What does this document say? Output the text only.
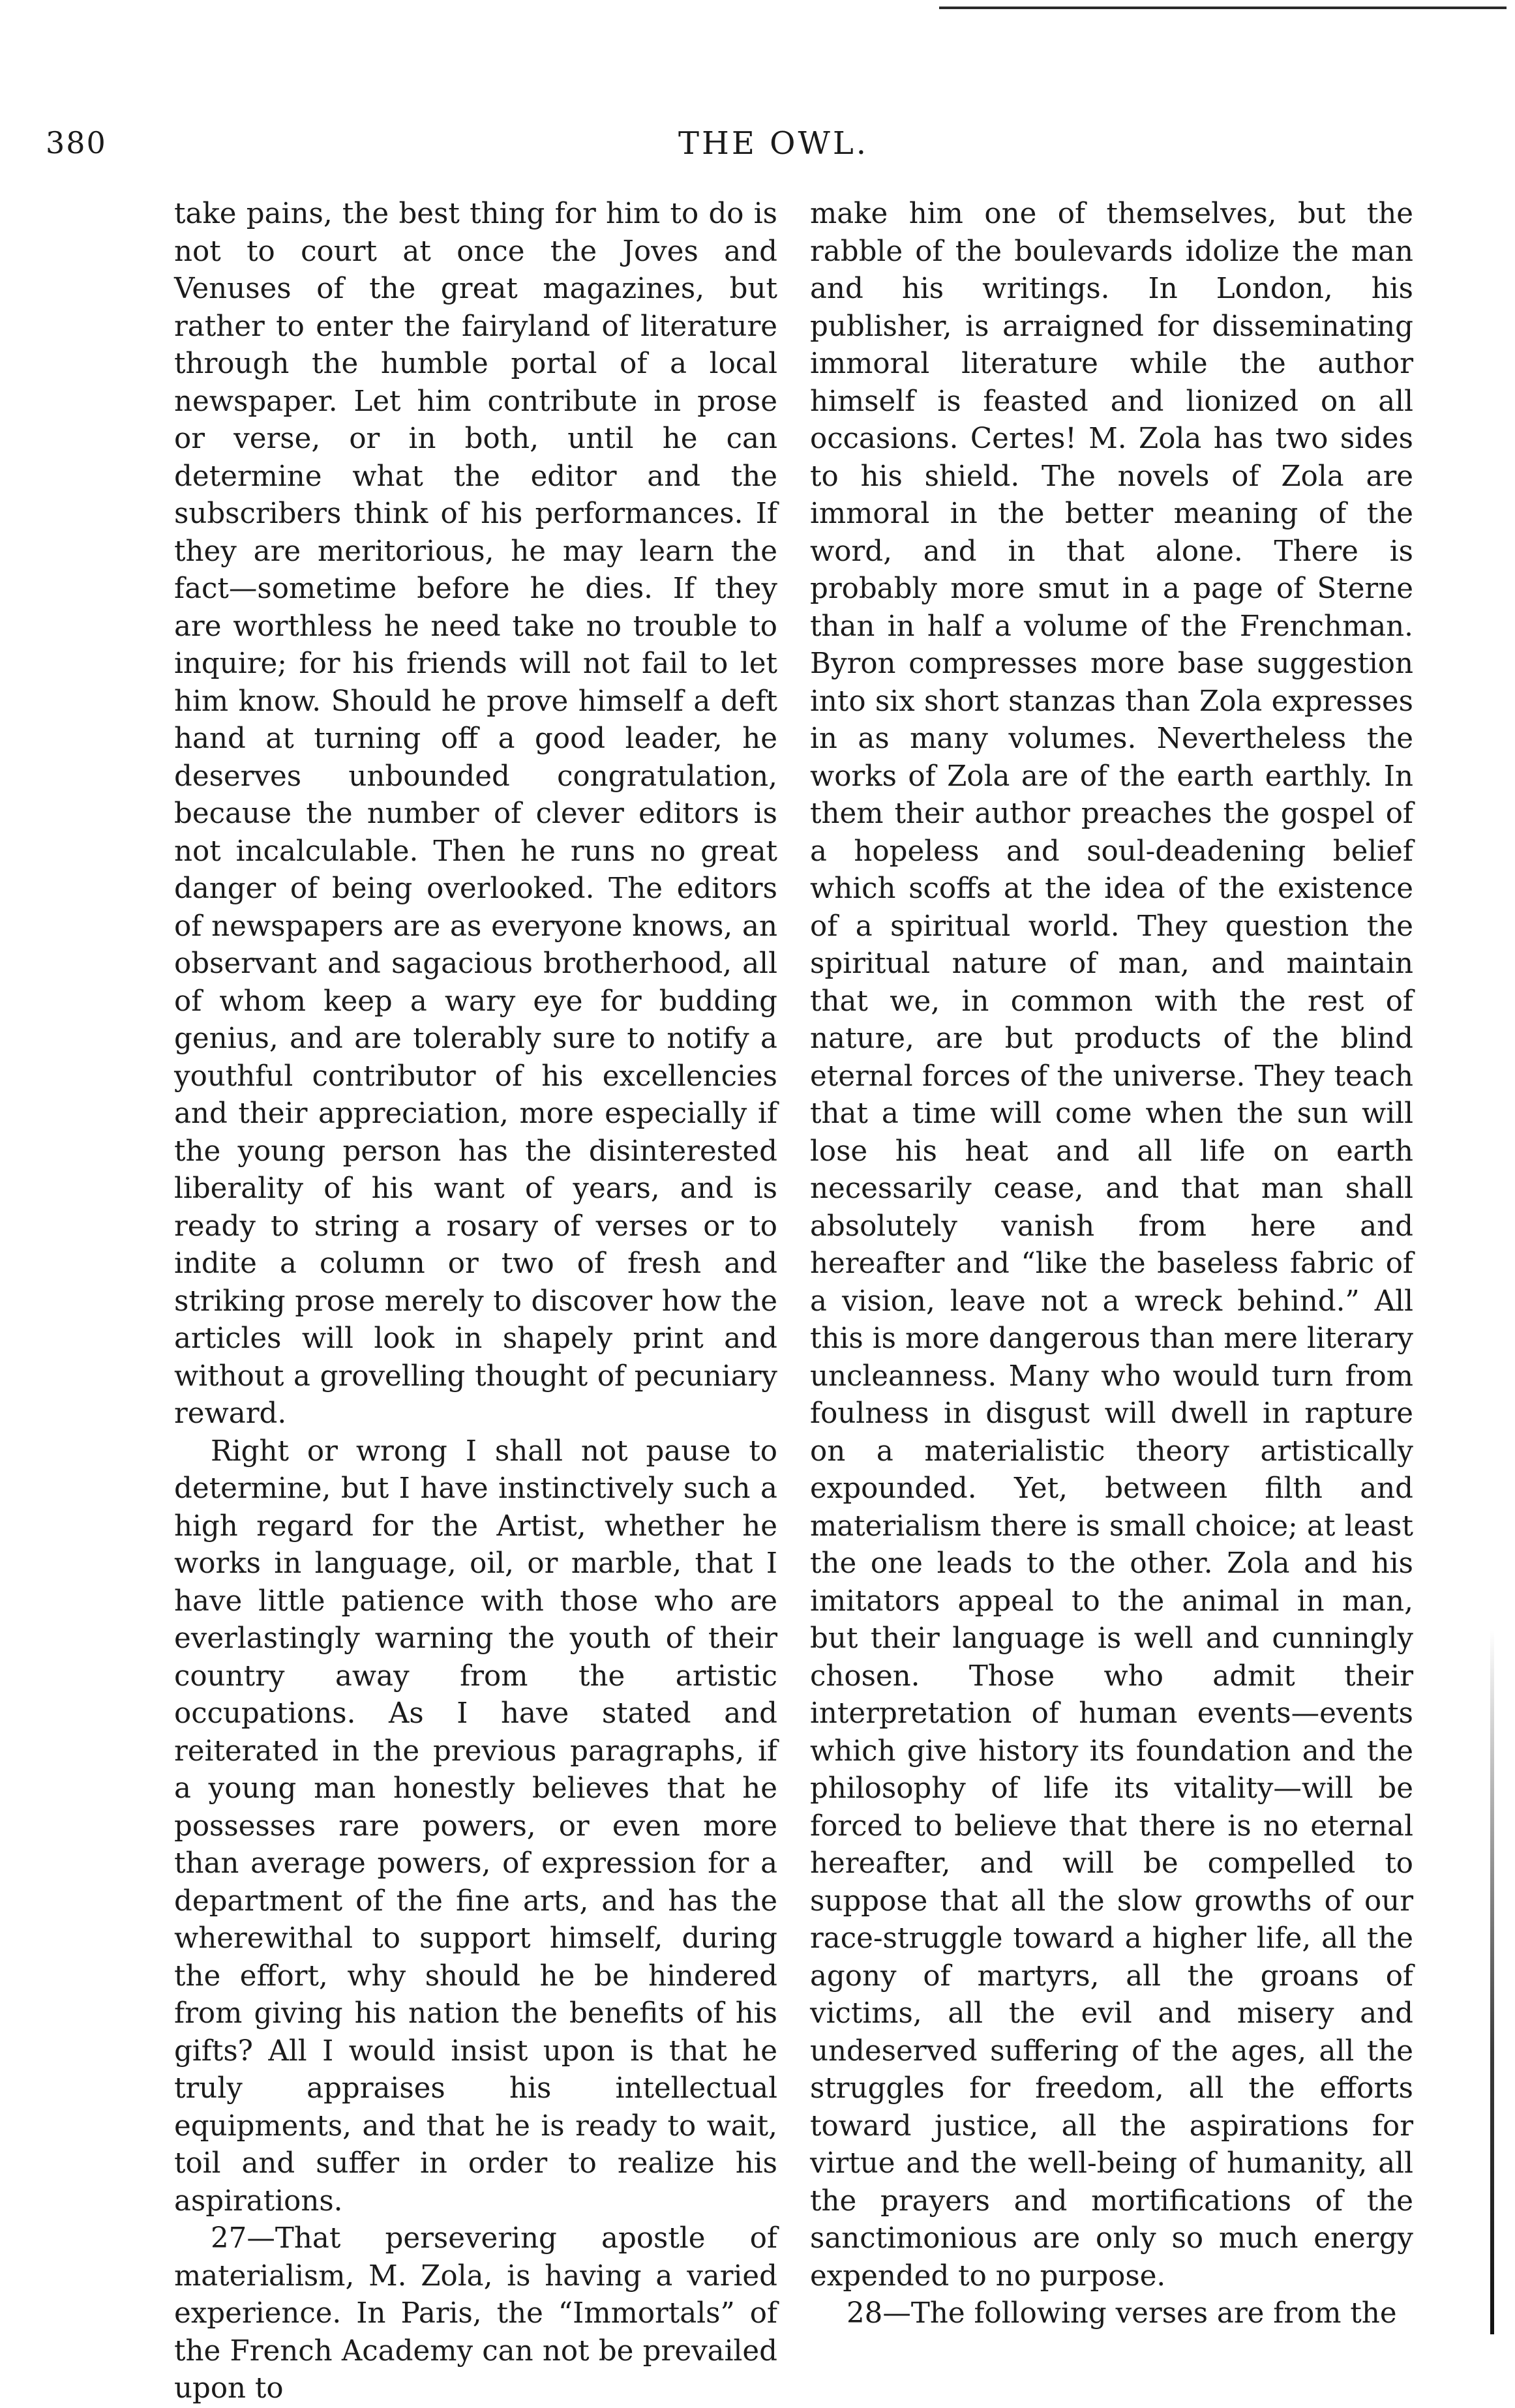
380	THE OWL.

take pains, the best thing for him to do is not to court at once the Joves and Venuses of the great magazines, but rather to enter the fairyland of literature through the humble portal of a local newspaper. Let him contribute in prose or verse, or in both, until he can determine what the editor and the subscribers think of his performances. If they are meritorious, he may learn the fact—sometime before he dies. If they are worthless he need take no trouble to inquire; for his friends will not fail to let him know. Should he prove himself a deft hand at turning off a good leader, he deserves unbounded congratulation, because the number of clever editors is not incalculable. Then he runs no great danger of being overlooked. The editors of newspapers are as everyone knows, an observant and sagacious brotherhood, all of whom keep a wary eye for budding genius, and are tolerably sure to notify a youthful contributor of his excellencies and their appreciation, more especially if the young person has the disinterested liberality of his want of years, and is ready to string a rosary of verses or to indite a column or two of fresh and striking prose merely to discover how the articles will look in shapely print and without a grovelling thought of pecuniary reward.

Right or wrong I shall not pause to determine, but I have instinctively such a high regard for the Artist, whether he works in language, oil, or marble, that I have little patience with those who are everlastingly warning the youth of their country away from the artistic occupations. As I have stated and reiterated in the previous paragraphs, if a young man honestly believes that he possesses rare powers, or even more than average powers, of expression for a department of the fine arts, and has the wherewithal to support himself, during the effort, why should he be hindered from giving his nation the benefits of his gifts? All I would insist upon is that he truly appraises his intellectual equipments, and that he is ready to wait, toil and suffer in order to realize his aspirations.

27—That persevering apostle of materialism, M. Zola, is having a varied experience. In Paris, the “Immortals” of the French Academy can not be prevailed upon to

make him one of themselves, but the rabble of the boulevards idolize the man and his writings. In London, his publisher, is arraigned for disseminating immoral literature while the author himself is feasted and lionized on all occasions. Certes! M. Zola has two sides to his shield. The novels of Zola are immoral in the better meaning of the word, and in that alone. There is probably more smut in a page of Sterne than in half a volume of the Frenchman. Byron compresses more base suggestion into six short stanzas than Zola expresses in as many volumes. Nevertheless the works of Zola are of the earth earthly. In them their author preaches the gospel of a hopeless and soul-deadening belief which scoffs at the idea of the existence of a spiritual world. They question the spiritual nature of man, and maintain that we, in common with the rest of nature, are but products of the blind eternal forces of the universe. They teach that a time will come when the sun will lose his heat and all life on earth necessarily cease, and that man shall absolutely vanish from here and hereafter and “like the baseless fabric of a vision, leave not a wreck behind.” All this is more dangerous than mere literary uncleanness. Many who would turn from foulness in disgust will dwell in rapture on a materialistic theory artistically expounded. Yet, between filth and materialism there is small choice; at least the one leads to the other. Zola and his imitators appeal to the animal in man, but their language is well and cunningly chosen. Those who admit their interpretation of human events—events which give history its foundation and the philosophy of life its vitality—will be forced to believe that there is no eternal hereafter, and will be compelled to suppose that all the slow growths of our race-struggle toward a higher life, all the agony of martyrs, all the groans of victims, all the evil and misery and undeserved suffering of the ages, all the struggles for freedom, all the efforts toward justice, all the aspirations for virtue and the well-being of humanity, all the prayers and mortifications of the sanctimonious are only so much energy expended to no purpose.

28—The following verses are from the
